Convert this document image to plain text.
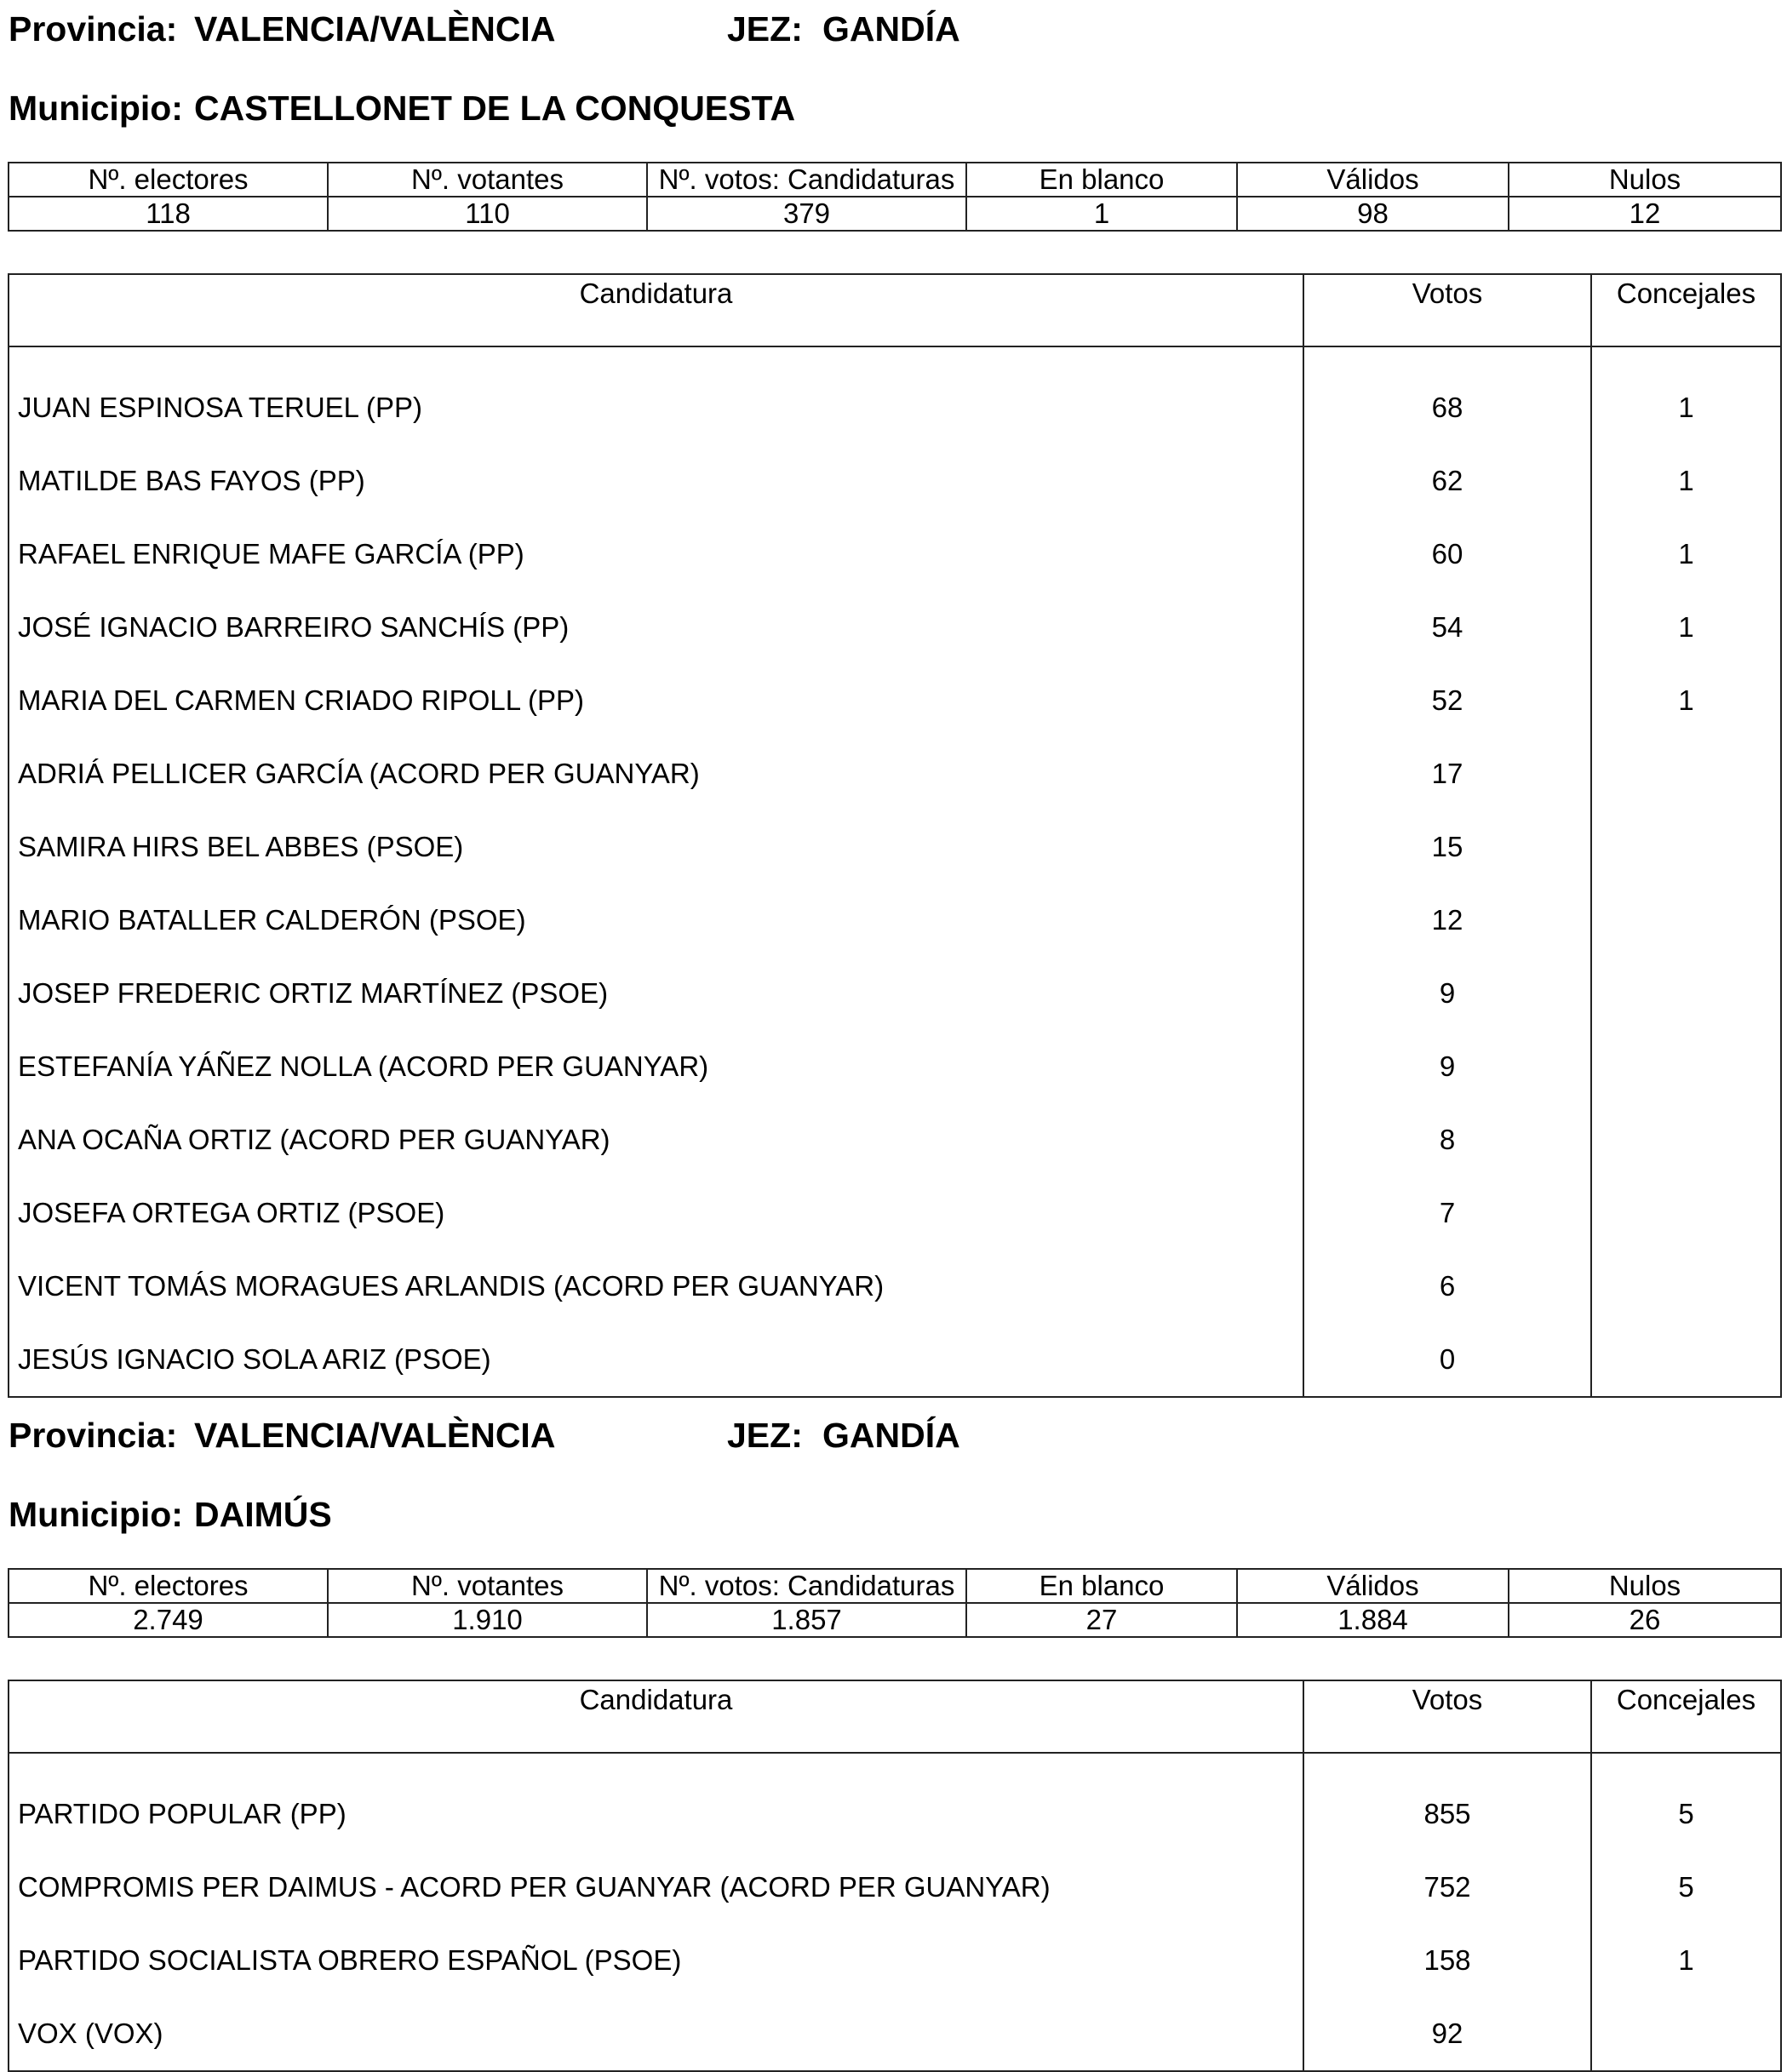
Provincia: VALENCIA/VALÈNCIA	JEZ: GANDÍA
Municipio: CASTELLONET DE LA CONQUESTA
Nº. electores	Nº. votantes	Nº. votos: Candidaturas	En blanco	Válidos	Nulos
118	110	379	1	98	12
Candidatura	Votos	Concejales

JUAN ESPINOSA TERUEL (PP)	68	1
MATILDE BAS FAYOS (PP)	62	1
RAFAEL ENRIQUE MAFE GARCÍA (PP)	60	1
JOSÉ IGNACIO BARREIRO SANCHÍS (PP)	54	1
MARIA DEL CARMEN CRIADO RIPOLL (PP)	52	1
ADRIÁ PELLICER GARCÍA (ACORD PER GUANYAR)	17	
SAMIRA HIRS BEL ABBES (PSOE)	15	
MARIO BATALLER CALDERÓN (PSOE)	12	
JOSEP FREDERIC ORTIZ MARTÍNEZ (PSOE)	9	
ESTEFANÍA YÁÑEZ NOLLA (ACORD PER GUANYAR)	9	
ANA OCAÑA ORTIZ (ACORD PER GUANYAR)	8	
JOSEFA ORTEGA ORTIZ (PSOE)	7	
VICENT TOMÁS MORAGUES ARLANDIS (ACORD PER GUANYAR)	6	
JESÚS IGNACIO SOLA ARIZ (PSOE)	0	
Provincia: VALENCIA/VALÈNCIA	JEZ: GANDÍA
Municipio: DAIMÚS
Nº. electores	Nº. votantes	Nº. votos: Candidaturas	En blanco	Válidos	Nulos
2.749	1.910	1.857	27	1.884	26
Candidatura	Votos	Concejales

PARTIDO POPULAR (PP)	855	5
COMPROMIS PER DAIMUS - ACORD PER GUANYAR (ACORD PER GUANYAR)	752	5
PARTIDO SOCIALISTA OBRERO ESPAÑOL (PSOE)	158	1
VOX (VOX)	92	
